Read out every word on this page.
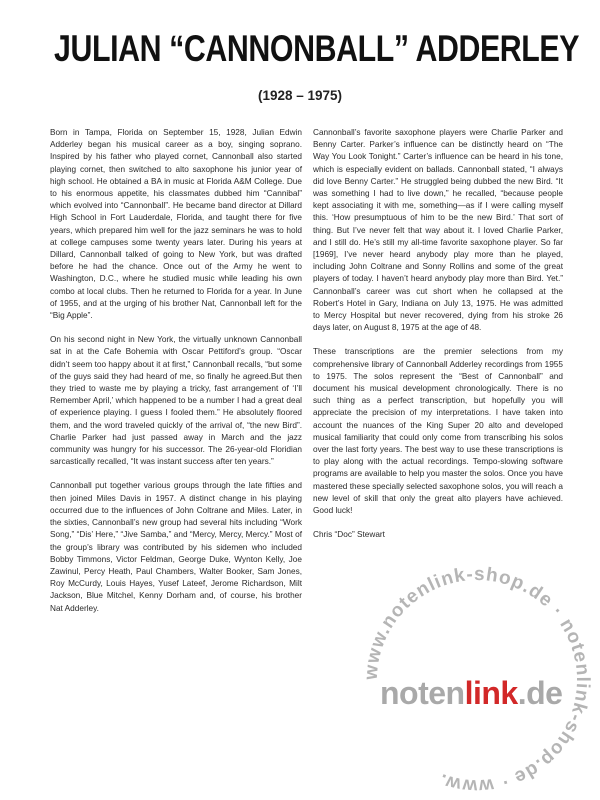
JULIAN “CANNONBALL” ADDERLEY
(1928 – 1975)

Born in Tampa, Florida on September 15, 1928, Julian Edwin Adderley began his musical career as a boy, singing soprano. Inspired by his father who played cornet, Cannonball also started playing cornet, then switched to alto saxophone his junior year of high school. He obtained a BA in music at Florida A&M College. Due to his enormous appetite, his classmates dubbed him “Cannibal” which evolved into “Cannonball”. He became band director at Dillard High School in Fort Lauderdale, Florida, and taught there for five years, which prepared him well for the jazz seminars he was to hold at college campuses some twenty years later. During his years at Dillard, Cannonball talked of going to New York, but was drafted before he had the chance. Once out of the Army he went to Washington, D.C., where he studied music while leading his own combo at local clubs. Then he returned to Florida for a year. In June of 1955, and at the urging of his brother Nat, Cannonball left for the “Big Apple”.

On his second night in New York, the virtually unknown Cannonball sat in at the Cafe Bohemia with Oscar Pettiford’s group. “Oscar didn’t seem too happy about it at first,” Cannonball recalls, “but some of the guys said they had heard of me, so finally he agreed.But then they tried to waste me by playing a tricky, fast arrangement of ‘I’ll Remember April,’ which happened to be a number I had a great deal of experience playing. I guess I fooled them.” He absolutely floored them, and the word traveled quickly of the arrival of, “the new Bird”. Charlie Parker had just passed away in March and the jazz community was hungry for his successor. The 26-year-old Floridian sarcastically recalled, “It was instant success after ten years.”

Cannonball put together various groups through the late fifties and then joined Miles Davis in 1957. A distinct change in his playing occurred due to the influences of John Coltrane and Miles. Later, in the sixties, Cannonball’s new group had several hits including “Work Song,” “Dis’ Here,” “Jive Samba,” and “Mercy, Mercy, Mercy.” Most of the group’s library was contributed by his sidemen who included Bobby Timmons, Victor Feldman, George Duke, Wynton Kelly, Joe Zawinul, Percy Heath, Paul Chambers, Walter Booker, Sam Jones, Roy McCurdy, Louis Hayes, Yusef Lateef, Jerome Richardson, Milt Jackson, Blue Mitchel, Kenny Dorham and, of course, his brother Nat Adderley.

Cannonball’s favorite saxophone players were Charlie Parker and Benny Carter. Parker’s influence can be distinctly heard on “The Way You Look Tonight.” Carter’s influence can be heard in his tone, which is especially evident on ballads. Cannonball stated, “I always did love Benny Carter.” He struggled being dubbed the new Bird. “It was something I had to live down,” he recalled, “because people kept associating it with me, something—as if I were calling myself this. ‘How presumptuous of him to be the new Bird.’ That sort of thing. But I’ve never felt that way about it. I loved Charlie Parker, and I still do. He’s still my all-time favorite saxophone player. So far [1969], I’ve never heard anybody play more than he played, including John Coltrane and Sonny Rollins and some of the great players of today. I haven’t heard anybody play more than Bird. Yet.” Cannonball’s career was cut short when he collapsed at the Robert’s Hotel in Gary, Indiana on July 13, 1975. He was admitted to Mercy Hospital but never recovered, dying from his stroke 26 days later, on August 8, 1975 at the age of 48.

These transcriptions are the premier selections from my comprehensive library of Cannonball Adderley recordings from 1955 to 1975. The solos represent the “Best of Cannonball” and document his musical development chronologically. There is no such thing as a perfect transcription, but hopefully you will appreciate the precision of my interpretations. I have taken into account the nuances of the King Super 20 alto and developed musical familiarity that could only come from transcribing his solos over the last forty years. The best way to use these transcriptions is to play along with the actual recordings. Tempo-slowing software programs are available to help you master the solos. Once you have mastered these specially selected saxophone solos, you will reach a new level of skill that only the great alto players have achieved. Good luck!

Chris “Doc” Stewart

www.notenlink-shop.de · notenlink-shop.de · www.
notenlink.de
